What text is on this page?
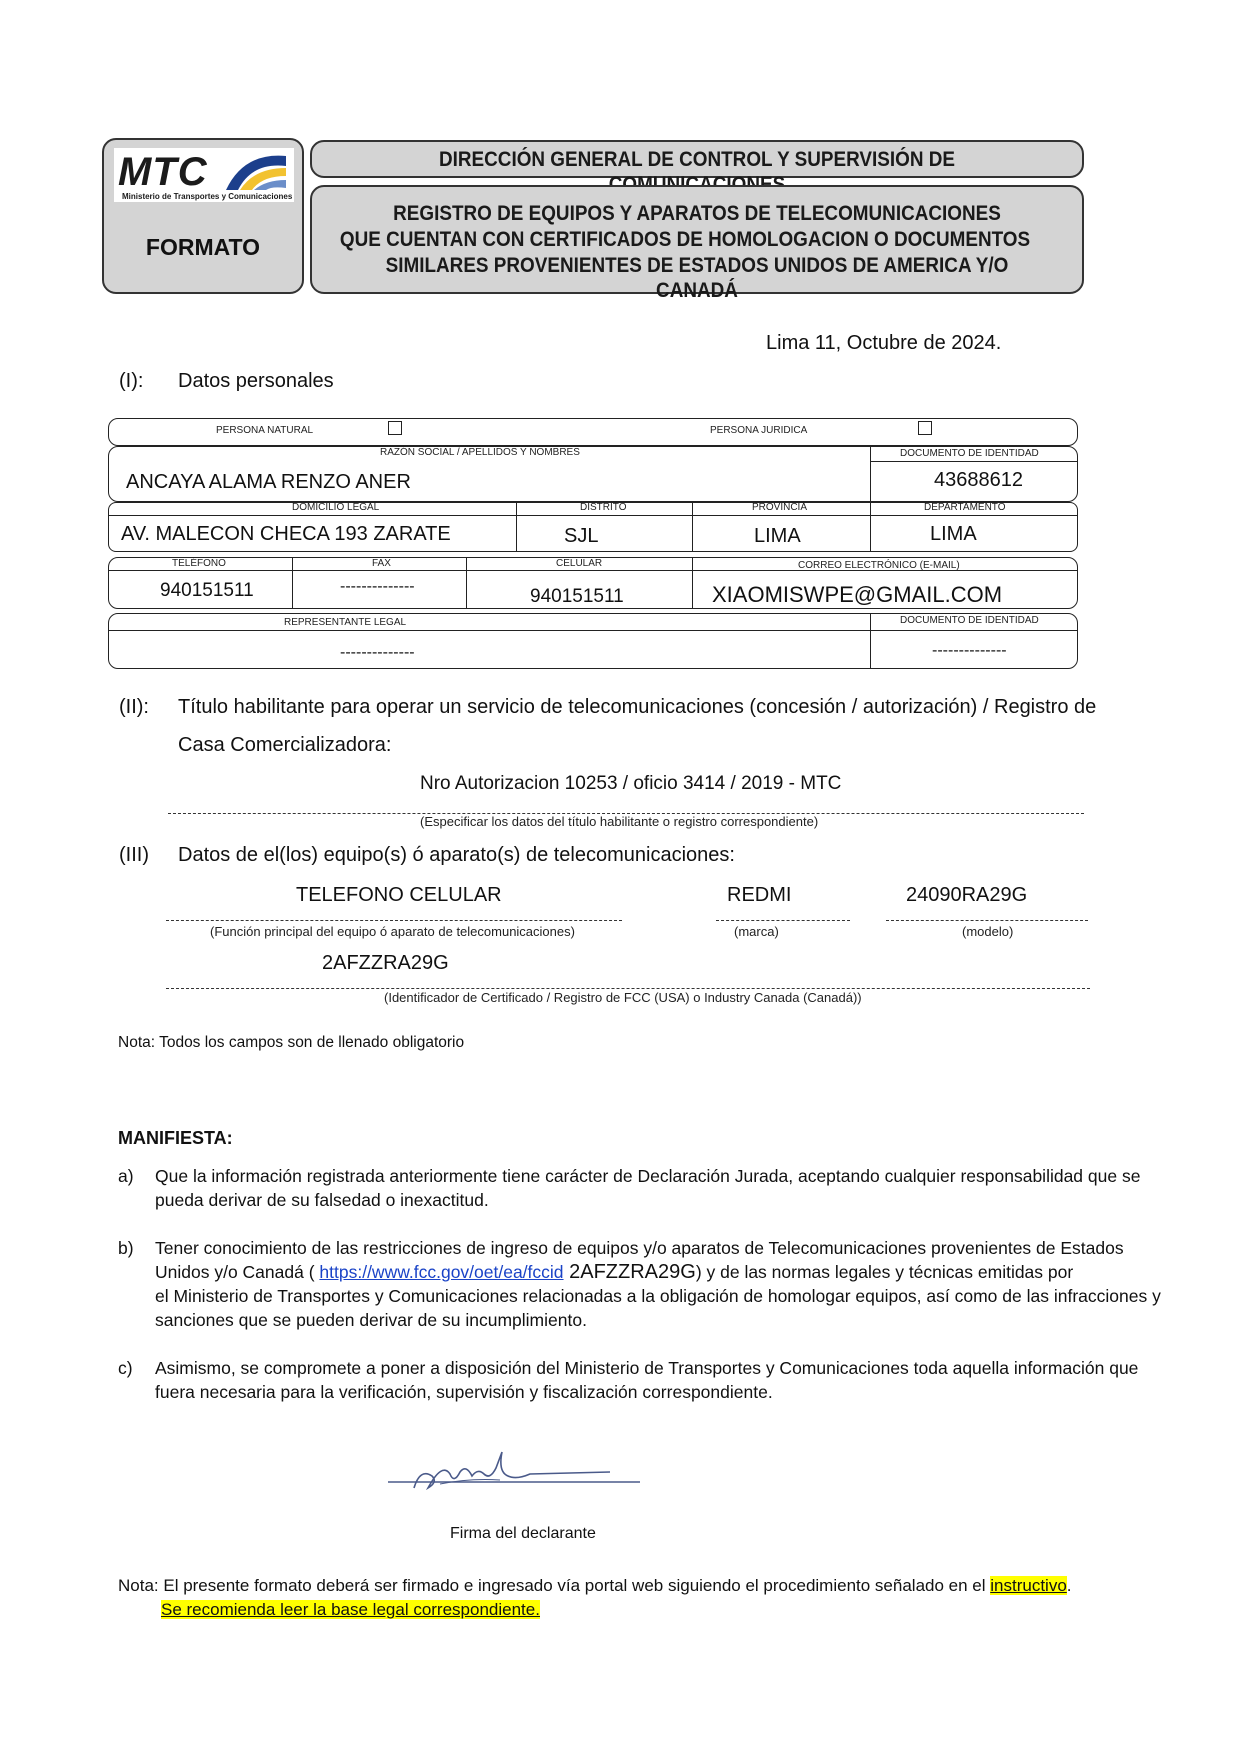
MTC
Ministerio de Transportes y Comunicaciones
FORMATO
DIRECCIÓN GENERAL DE CONTROL Y SUPERVISIÓN DE
REGISTRO DE EQUIPOS Y APARATOS DE TELECOMUNICACIONES
QUE CUENTAN CON CERTIFICADOS DE HOMOLOGACION O DOCUMENTOS
SIMILARES PROVENIENTES DE ESTADOS UNIDOS DE AMERICA Y/O CANADÁ
Lima 11, Octubre de 2024.
(I): Datos personales
PERSONA NATURAL	PERSONA JURIDICA
RAZÓN SOCIAL / APELLIDOS Y NOMBRES	DOCUMENTO DE IDENTIDAD
ANCAYA ALAMA RENZO ANER	43688612
DOMICILIO LEGAL	DISTRITO	PROVINCIA	DEPARTAMENTO
AV. MALECON CHECA 193 ZARATE	SJL	LIMA	LIMA
TELÉFONO	FAX	CELULAR	CORREO ELECTRÓNICO (E-MAIL)
940151511	--------------	940151511	XIAOMISWPE@GMAIL.COM
REPRESENTANTE LEGAL	DOCUMENTO DE IDENTIDAD
--------------	--------------
(II): Título habilitante para operar un servicio de telecomunicaciones (concesión / autorización) / Registro de
Casa Comercializadora:
Nro Autorizacion 10253 / oficio 3414 / 2019 - MTC
(Especificar los datos del título habilitante o registro correspondiente)
(III) Datos de el(los) equipo(s) ó aparato(s) de telecomunicaciones:
TELEFONO CELULAR	REDMI	24090RA29G
(Función principal del equipo ó aparato de telecomunicaciones)	(marca)	(modelo)
2AFZZRA29G
(Identificador de Certificado / Registro de FCC (USA) o Industry Canada (Canadá))
Nota: Todos los campos son de llenado obligatorio
MANIFIESTA:
a) Que la información registrada anteriormente tiene carácter de Declaración Jurada, aceptando cualquier responsabilidad que se
pueda derivar de su falsedad o inexactitud.
b) Tener conocimiento de las restricciones de ingreso de equipos y/o aparatos de Telecomunicaciones provenientes de Estados
Unidos y/o Canadá ( https://www.fcc.gov/oet/ea/fccid 2AFZZRA29G) y de las normas legales y técnicas emitidas por
el Ministerio de Transportes y Comunicaciones relacionadas a la obligación de homologar equipos, así como de las infracciones y
sanciones que se pueden derivar de su incumplimiento.
c) Asimismo, se compromete a poner a disposición del Ministerio de Transportes y Comunicaciones toda aquella información que
fuera necesaria para la verificación, supervisión y fiscalización correspondiente.
Firma del declarante
Nota: El presente formato deberá ser firmado e ingresado vía portal web siguiendo el procedimiento señalado en el instructivo.
Se recomienda leer la base legal correspondiente.
